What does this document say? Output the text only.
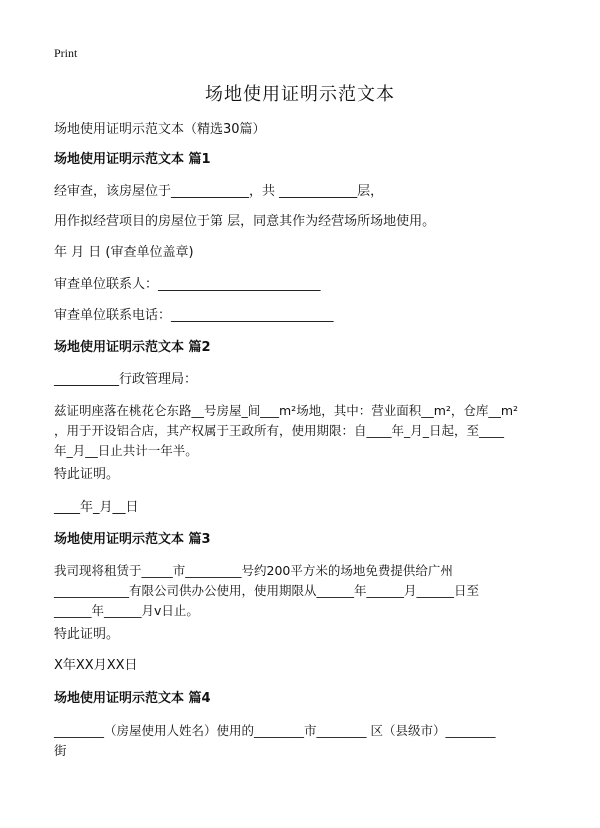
Print
场地使用证明示范文本
场地使用证明示范文本（精选30篇）
场地使用证明示范文本 篇1
经审查，该房屋位于____________，共 ____________层，
用作拟经营项目的房屋位于第 层，同意其作为经营场所场地使用。
年 月 日 (审查单位盖章)
审查单位联系人：_________________________
审查单位联系电话：_________________________
场地使用证明示范文本 篇2
__________行政管理局：
兹证明座落在桃花仑东路__号房屋_间___m²场地，其中：营业面积__m²，仓库__m²
，用于开设铝合店，其产权属于王政所有，使用期限：自____年_月_日起，至____
年_月__日止共计一年半。
特此证明。
____年_月__日
场地使用证明示范文本 篇3
我司现将租赁于_____市_________号约200平方米的场地免费提供给广州
____________有限公司供办公使用，使用期限从______年______月______日至
______年______月v日止。
特此证明。
X年XX月XX日
场地使用证明示范文本 篇4
________（房屋使用人姓名）使用的________市________ 区（县级市）________
街
